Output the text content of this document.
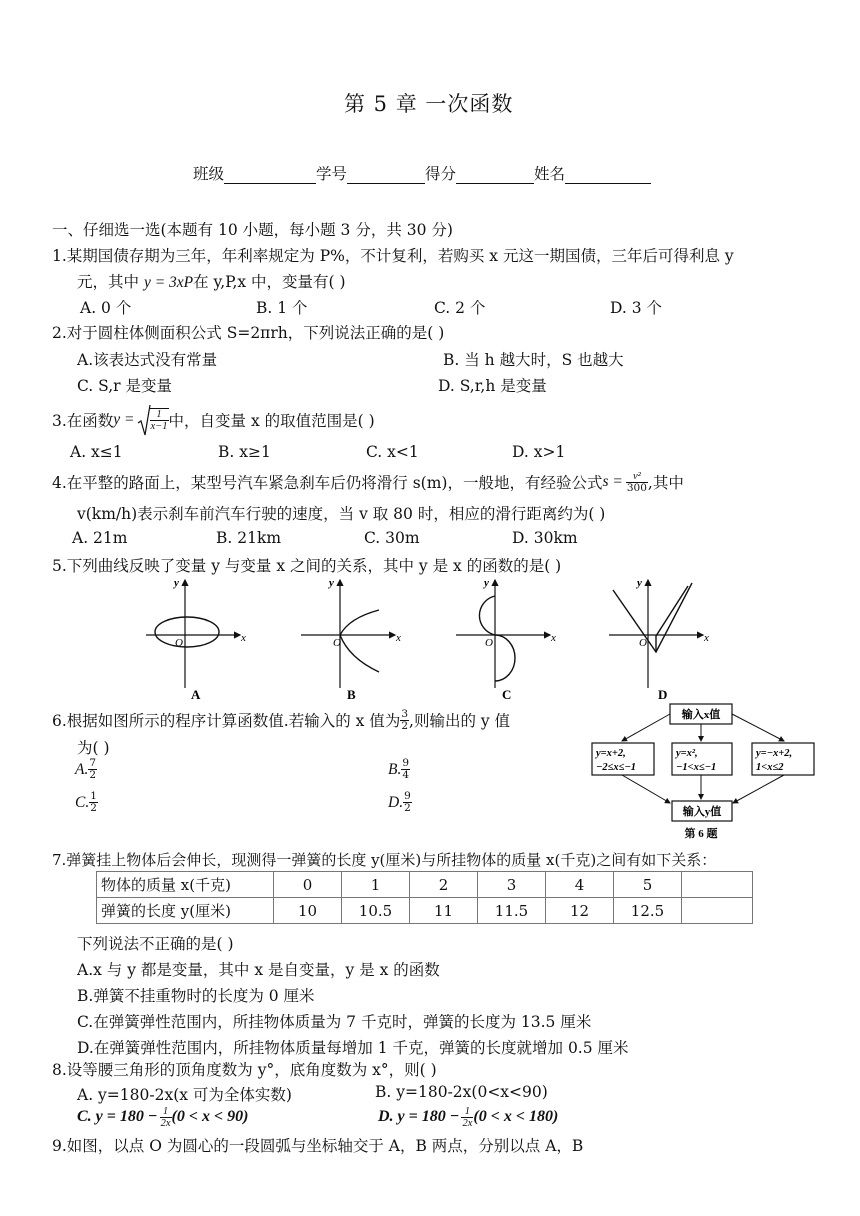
第 5 章 一次函数
班级	学号	得分	姓名
一、仔细选一选(本题有 10 小题，每小题 3 分，共 30 分)
1.某期国债存期为三年，年利率规定为 P%，不计复利，若购买 x 元这一期国债，三年后可得利息 y
元，其中 y = 3xP在 y,P,x 中，变量有( )
A. 0 个	B. 1 个	C. 2 个	D. 3 个
2.对于圆柱体侧面积公式 S=2πrh，下列说法正确的是( )
A.该表达式没有常量	B. 当 h 越大时，S 也越大
C. S,r 是变量	D. S,r,h 是变量
3.在函数 $y = \frac{1}{x-1}$ 中，自变量 x 的取值范围是( )
A. x≤1	B. x≥1	C. x<1	D. x>1
4.在平整的路面上，某型号汽车紧急刹车后仍将滑行 s(m)，一般地，有经验公式 $s = \frac{\text{v²}}{300}$ ,其中
v(km/h)表示刹车前汽车行驶的速度，当 v 取 80 时，相应的滑行距离约为( )
A. 21m	B. 21km	C. 30m	D. 30km
5.下列曲线反映了变量 y 与变量 x 之间的关系，其中 y 是 x 的函数的是( )
y
x
O
A
y
x
O
B
y
x
O
C
y
x
O
D
6.根据如图所示的程序计算函数值.若输入的 x 值为 $\frac{3}{2}$ ,则输出的 y 值
为( )
A. $\frac{7}{2}$	B. $\frac{9}{4}$
C. $\frac{1}{2}$	D. $\frac{9}{2}$
输入x值
y=x+2,
−2≤x≤−1
y=x²,
−1<x≤−1
y=−x+2,
1<x≤2
输入y值
第 6 题
7.弹簧挂上物体后会伸长，现测得一弹簧的长度 y(厘米)与所挂物体的质量 x(千克)之间有如下关系：
物体的质量 x(千克)	0	1	2	3	4	5	
弹簧的长度 y(厘米)	10	10.5	11	11.5	12	12.5	
下列说法不正确的是( )
A.x 与 y 都是变量，其中 x 是自变量，y 是 x 的函数
B.弹簧不挂重物时的长度为 0 厘米
C.在弹簧弹性范围内，所挂物体质量为 7 千克时，弹簧的长度为 13.5 厘米
D.在弹簧弹性范围内，所挂物体质量每增加 1 千克，弹簧的长度就增加 0.5 厘米
8.设等腰三角形的顶角度数为 y°，底角度数为 x°，则( )
A. y=180-2x(x 可为全体实数)	B. y=180-2x(0<x<90)
C. $y = 180 - \frac{1}{2x} (0 < x < 90)$	D. $y = 180 - \frac{1}{2x} (0 < x < 180)$
9.如图，以点 O 为圆心的一段圆弧与坐标轴交于 A，B 两点，分别以点 A，B
